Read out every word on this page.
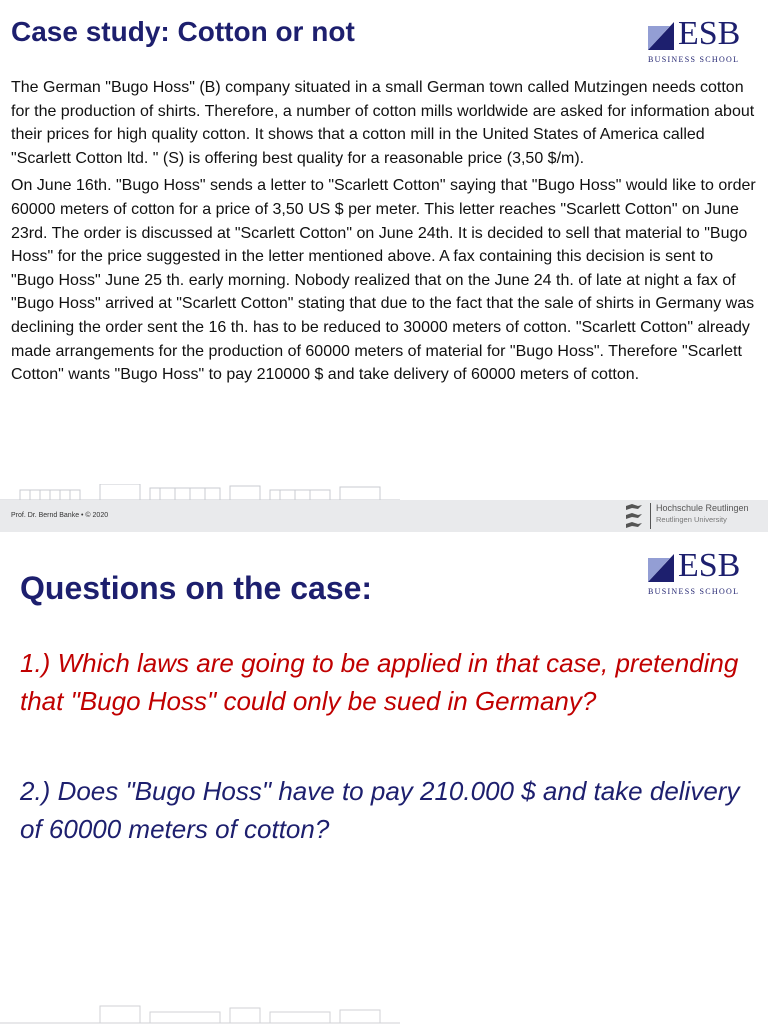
Case study: Cotton or not	ESB
BUSINESS SCHOOL

The German "Bugo Hoss" (B) company situated in a small German town called Mutzingen needs cotton for the production of shirts. Therefore, a number of cotton mills worldwide are asked for information about their prices for high quality cotton. It shows that a cotton mill in the United States of America called "Scarlett Cotton ltd. " (S) is offering best quality for a reasonable price (3,50 $/m).

On June 16th. "Bugo Hoss" sends a letter to "Scarlett Cotton" saying that "Bugo Hoss" would like to order 60000 meters of cotton for a price of 3,50 US $ per meter. This letter reaches "Scarlett Cotton" on June 23rd. The order is discussed at "Scarlett Cotton" on June 24th. It is decided to sell that material to "Bugo Hoss" for the price suggested in the letter mentioned above. A fax containing this decision is sent to "Bugo Hoss" June 25 th. early morning. Nobody realized that on the June 24 th. of late at night a fax of "Bugo Hoss" arrived at "Scarlett Cotton" stating that due to the fact that the sale of shirts in Germany was declining the order sent the 16 th. has to be reduced to 30000 meters of cotton. "Scarlett Cotton" already made arrangements for the production of 60000 meters of material for "Bugo Hoss". Therefore "Scarlett Cotton" wants "Bugo Hoss" to pay 210000 $ and take delivery of 60000 meters of cotton.

Prof. Dr. Bernd Banke • © 2020
Hochschule Reutlingen
Reutlingen University
Questions on the case:
ESB
BUSINESS SCHOOL

1.) Which laws are going to be applied in that case, pretending that "Bugo Hoss" could only be sued in Germany?

2.) Does "Bugo Hoss" have to pay 210.000 $ and take delivery of 60000 meters of cotton?
